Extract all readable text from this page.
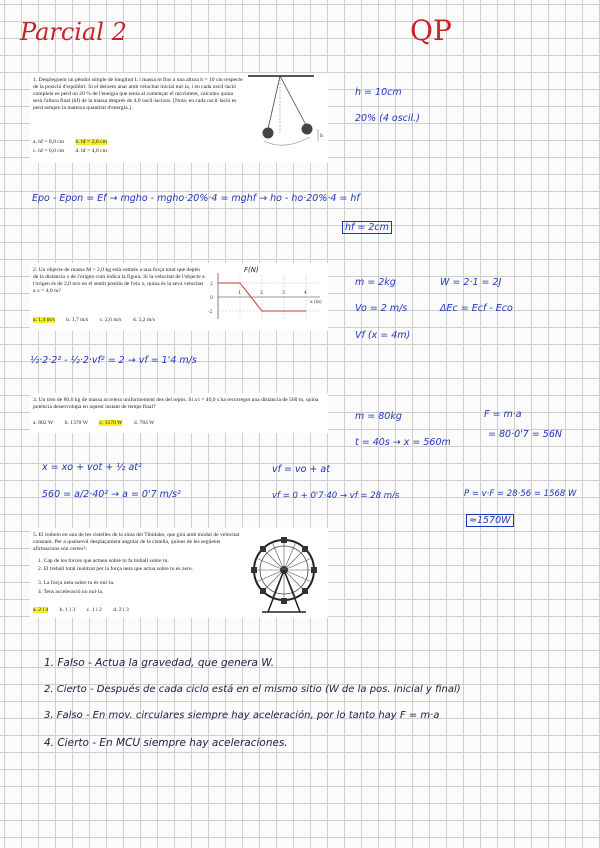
Parcial 2	QP
1. Despleguem un pèndol simple de longitud L i massa m fins a una altura h = 10 cm respecte de la posició d'equilibri. Si el deixem anar amb velocitat inicial nul·la, i en cada oscil·lació completa es perd un 20 % de l'energia que tenia al començar el moviment, calculeu quina serà l'altura final (hf) de la massa després de 4,0 oscil·lacions. [Nota: en cada oscil·lació es perd sempre la mateixa quantitat d'energia.]
a. hf = 8,0 cm b. hf = 2,0 cm
c. hf = 6,0 cm d. hf = 4,0 cm
h
h = 10cm
20% (4 oscil.)
Epo - Epon = Ef → mgho - mgho·20%·4 = mghf → ho - ho·20%·4 = hf
hf = 2cm
2. Un objecte de massa M = 2,0 kg està sotmès a una força total que depèn de la distància x de l'origen com indica la figura. Si la velocitat de l'objecte a l'origen és de 2,0 m/s en el sentit positiu de l'eix x, quina és la seva velocitat a x = 4,0 m?
a. 1,4 m/s b. 1,7 m/s c. 2,6 m/s d. 3,2 m/s
F(N)
2
0
-2
1	2	3	4
x (m)
m = 2kg
Vo = 2 m/s
Vf (x = 4m)
W = 2·1 = 2J
ΔEc = Ecf - Eco
½·2·2² - ½·2·vf² = 2 → vf = 1'4 m/s
3. Un tren de 80,0 kg de massa accelera uniformement des del repòs. Si a t = 40,0 s ha recorregut una distància de 560 m, quina potència desenvolupa en aquest instant de temps final?
a. 882 W b. 1370 W c. 1570 W d. 784 W
m = 80kg
t = 40s → x = 560m
F = m·a
= 80·0'7 = 56N
x = xo + vot + ½ at²
560 = a/2·40² → a = 0'7 m/s²
vf = vo + at
vf = 0 + 0'7·40 → vf = 28 m/s	P = v·F = 28·56 = 1568 W
≈1570W
5. El trobem en una de les cistelles de la sínia del Tibidabo, que gira amb mòdul de velocitat constant. Per a qualsevol desplaçament angular de la cistella, quines de les següents afirmacions són certes?:
1. Cap de les forces que actuen sobre tu fa treball sobre tu.
2. El treball total realitzat per la força neta que actua sobre tu és zero.
3. La força neta sobre tu és nul·la.
4. Tens acceleració no nul·la.
a. 2 i 4 b. 1 i 3 c. 1 i 2 d. 2 i 3
1. Falso - Actua la gravedad, que genera W.
2. Cierto - Después de cada ciclo está en el mismo sitio (W de la pos. inicial y final)
3. Falso - En mov. circulares siempre hay aceleración, por lo tanto hay F = m·a
4. Cierto - En MCU siempre hay aceleraciones.
